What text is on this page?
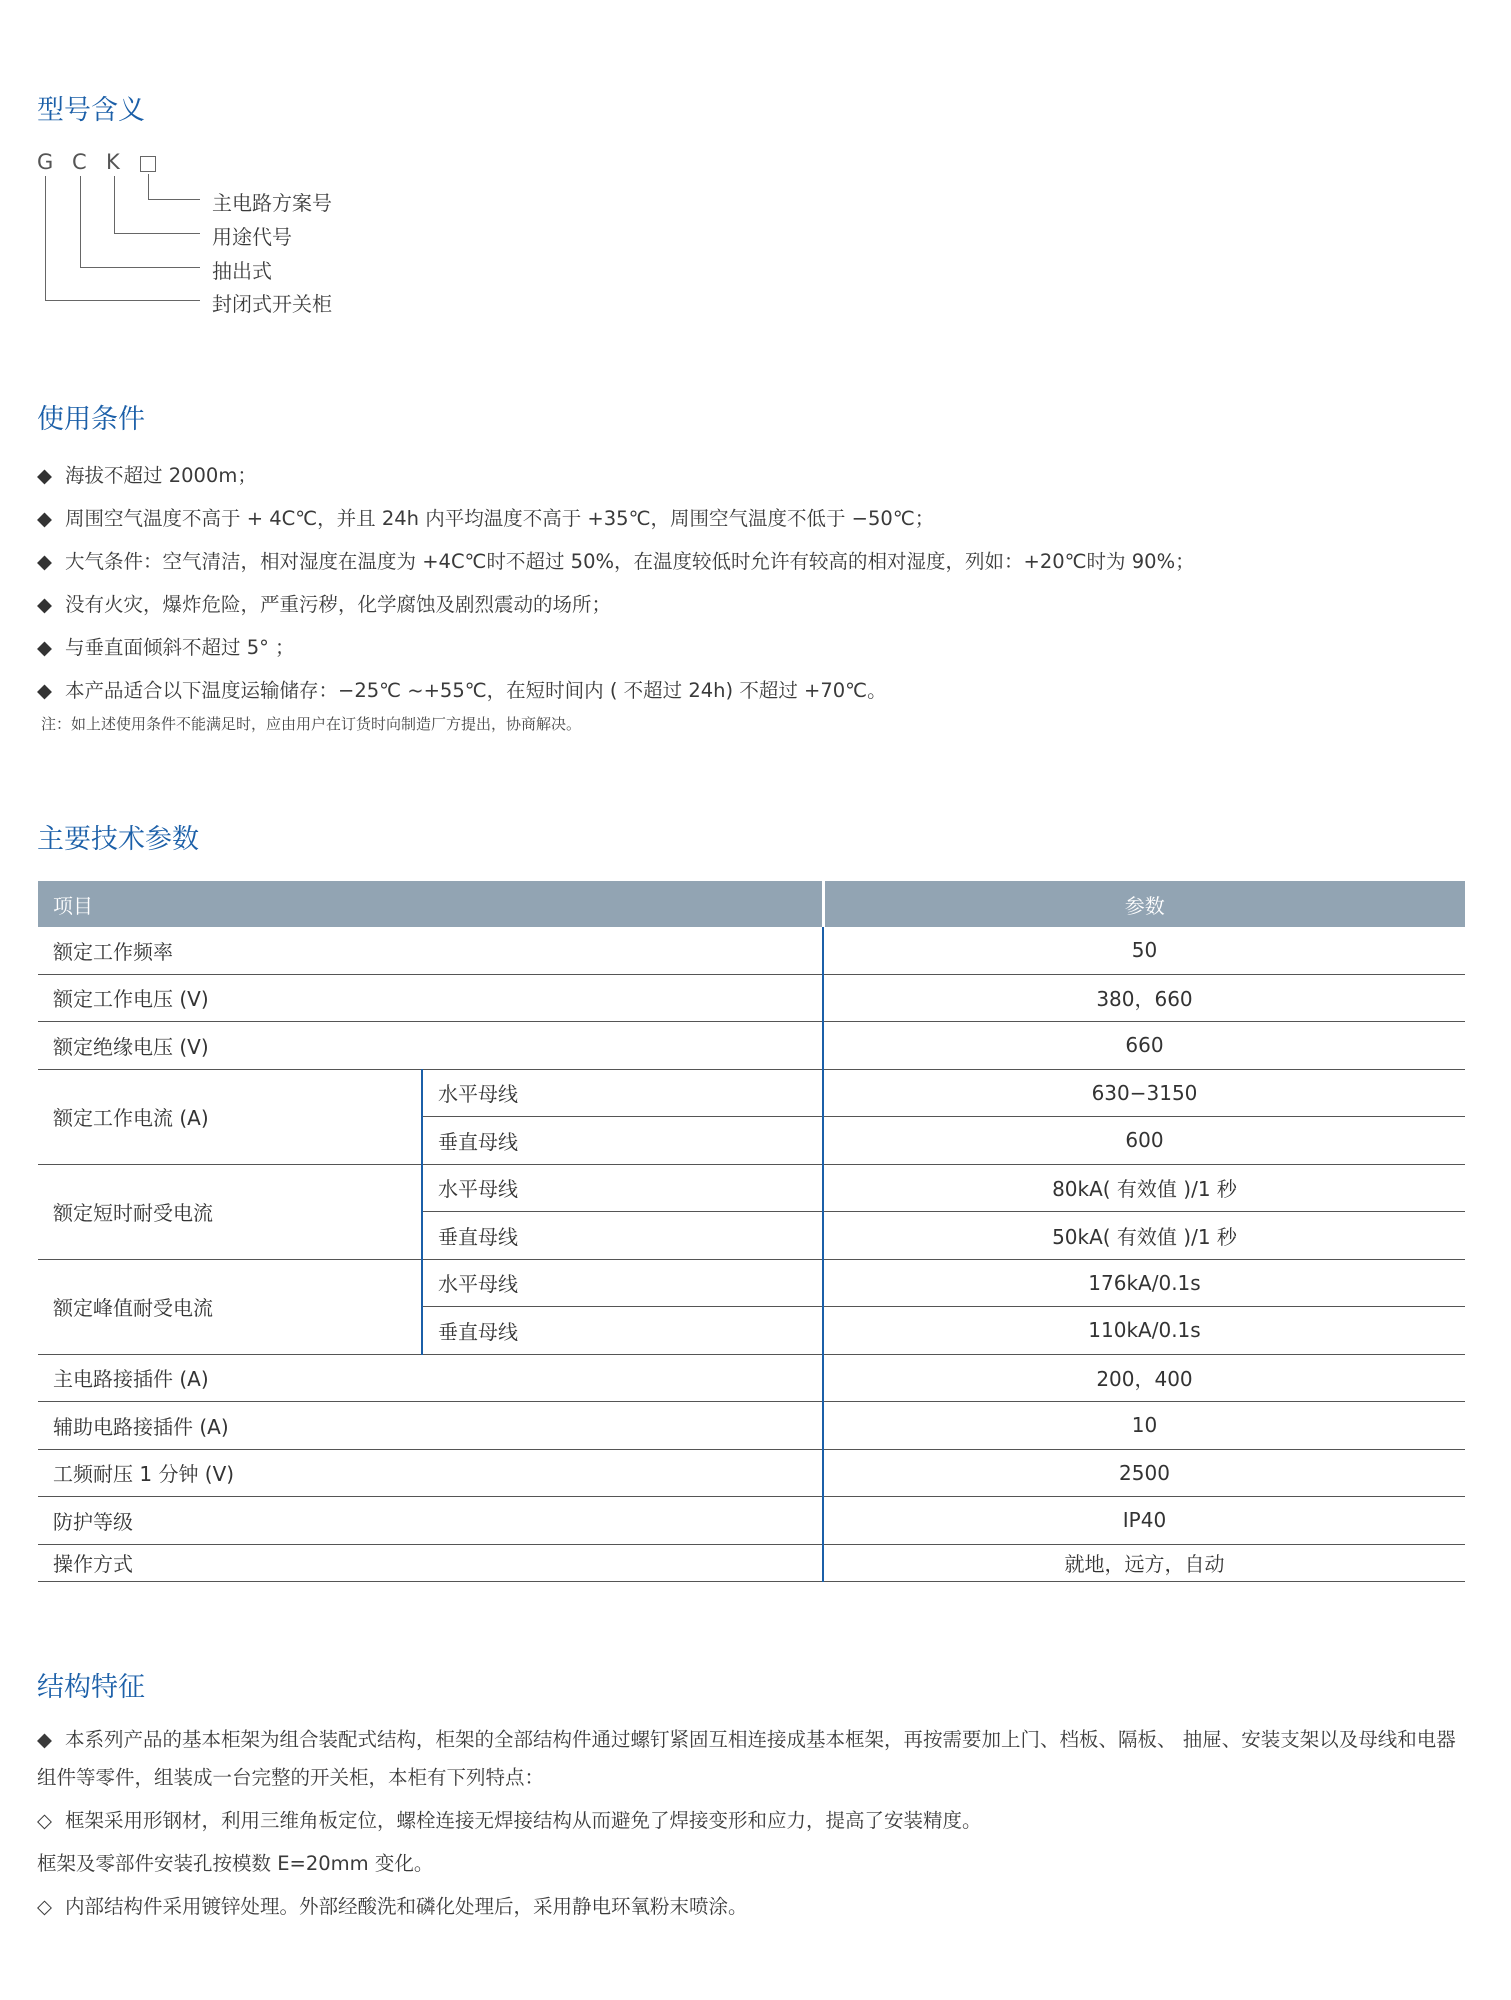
型号含义
G C K
主电路方案号
用途代号
抽出式
封闭式开关柜
使用条件
◆ 海拔不超过 2000m；
◆ 周围空气温度不高于 + 4C℃，并且 24h 内平均温度不高于 +35℃，周围空气温度不低于 −50℃；
◆ 大气条件：空气清洁，相对湿度在温度为 +4C℃时不超过 50%，在温度较低时允许有较高的相对湿度，列如：+20℃时为 90%；
◆ 没有火灾，爆炸危险，严重污秽，化学腐蚀及剧烈震动的场所；
◆ 与垂直面倾斜不超过 5° ；
◆ 本产品适合以下温度运输储存：−25℃ ~+55℃，在短时间内 ( 不超过 24h) 不超过 +70℃。
注：如上述使用条件不能满足时，应由用户在订货时向制造厂方提出，协商解决。
主要技术参数
项目		参数
额定工作频率		50
额定工作电压 (V)		380，660
额定绝缘电压 (V)		660
额定工作电流 (A)	水平母线	630−3150
	垂直母线	600
额定短时耐受电流	水平母线	80kA( 有效值 )/1 秒
	垂直母线	50kA( 有效值 )/1 秒
额定峰值耐受电流	水平母线	176kA/0.1s
	垂直母线	110kA/0.1s
主电路接插件 (A)		200，400
辅助电路接插件 (A)		10
工频耐压 1 分钟 (V)		2500
防护等级		IP40
操作方式		就地，远方，自动
结构特征
◆ 本系列产品的基本柜架为组合装配式结构，柜架的全部结构件通过螺钉紧固互相连接成基本框架，再按需要加上门、档板、隔板、 抽屉、安装支架以及母线和电器组件等零件，组装成一台完整的开关柜，本柜有下列特点：
◇ 框架采用形钢材，利用三维角板定位，螺栓连接无焊接结构从而避免了焊接变形和应力，提高了安装精度。
框架及零部件安装孔按模数 E=20mm 变化。
◇ 内部结构件采用镀锌处理。外部经酸洗和磷化处理后，采用静电环氧粉末喷涂。
